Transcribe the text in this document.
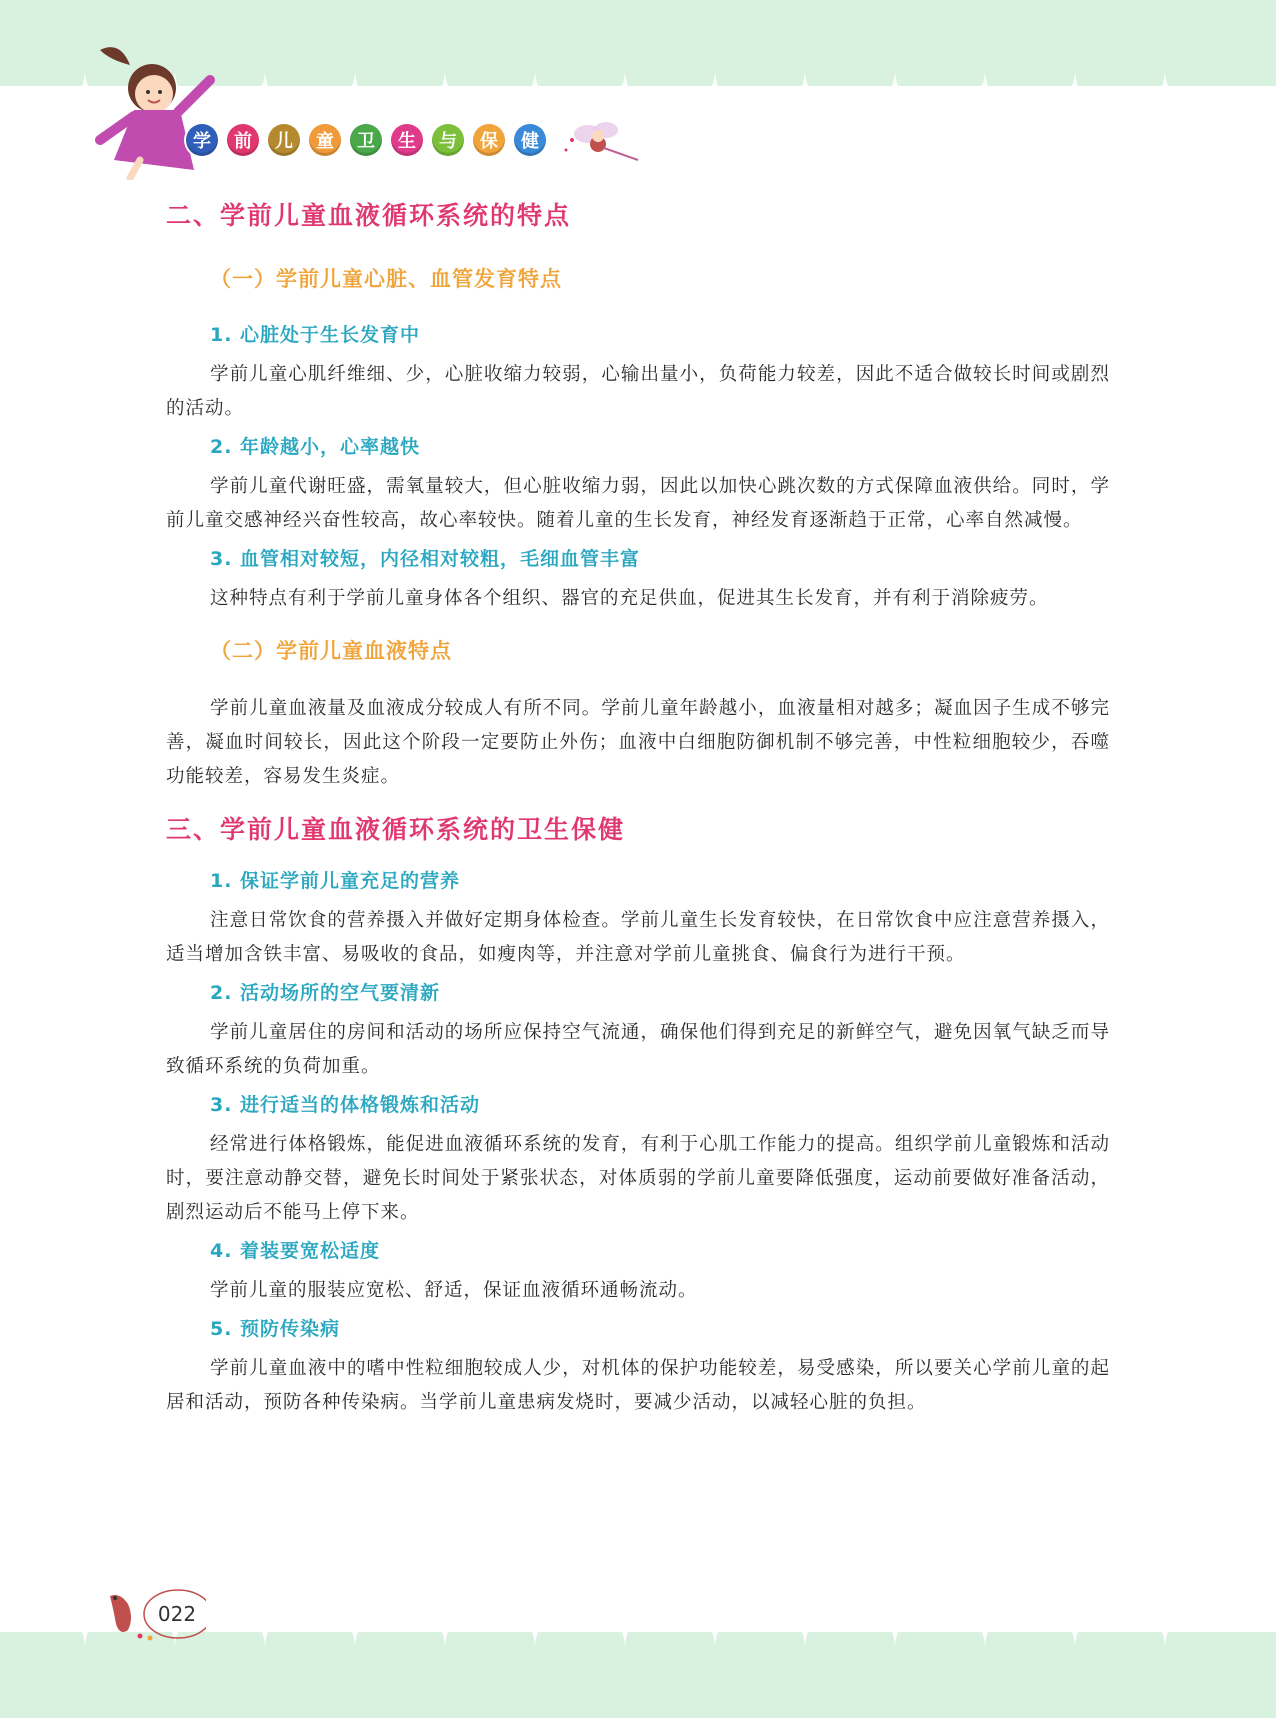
学	前	儿	童	卫	生	与	保	健
二、学前儿童血液循环系统的特点
（一）学前儿童心脏、血管发育特点
1. 心脏处于生长发育中

学前儿童心肌纤维细、少，心脏收缩力较弱，心输出量小，负荷能力较差，因此不适合做较长时间或剧烈的活动。

2. 年龄越小，心率越快

学前儿童代谢旺盛，需氧量较大，但心脏收缩力弱，因此以加快心跳次数的方式保障血液供给。同时，学前儿童交感神经兴奋性较高，故心率较快。随着儿童的生长发育，神经发育逐渐趋于正常，心率自然减慢。

3. 血管相对较短，内径相对较粗，毛细血管丰富

这种特点有利于学前儿童身体各个组织、器官的充足供血，促进其生长发育，并有利于消除疲劳。

（二）学前儿童血液特点

学前儿童血液量及血液成分较成人有所不同。学前儿童年龄越小，血液量相对越多；凝血因子生成不够完善，凝血时间较长，因此这个阶段一定要防止外伤；血液中白细胞防御机制不够完善，中性粒细胞较少，吞噬功能较差，容易发生炎症。

三、学前儿童血液循环系统的卫生保健
1. 保证学前儿童充足的营养

注意日常饮食的营养摄入并做好定期身体检查。学前儿童生长发育较快，在日常饮食中应注意营养摄入，适当增加含铁丰富、易吸收的食品，如瘦肉等，并注意对学前儿童挑食、偏食行为进行干预。

2. 活动场所的空气要清新

学前儿童居住的房间和活动的场所应保持空气流通，确保他们得到充足的新鲜空气，避免因氧气缺乏而导致循环系统的负荷加重。

3. 进行适当的体格锻炼和活动

经常进行体格锻炼，能促进血液循环系统的发育，有利于心肌工作能力的提高。组织学前儿童锻炼和活动时，要注意动静交替，避免长时间处于紧张状态，对体质弱的学前儿童要降低强度，运动前要做好准备活动，剧烈运动后不能马上停下来。

4. 着装要宽松适度

学前儿童的服装应宽松、舒适，保证血液循环通畅流动。

5. 预防传染病

学前儿童血液中的嗜中性粒细胞较成人少，对机体的保护功能较差，易受感染，所以要关心学前儿童的起居和活动，预防各种传染病。当学前儿童患病发烧时，要减少活动，以减轻心脏的负担。

022
